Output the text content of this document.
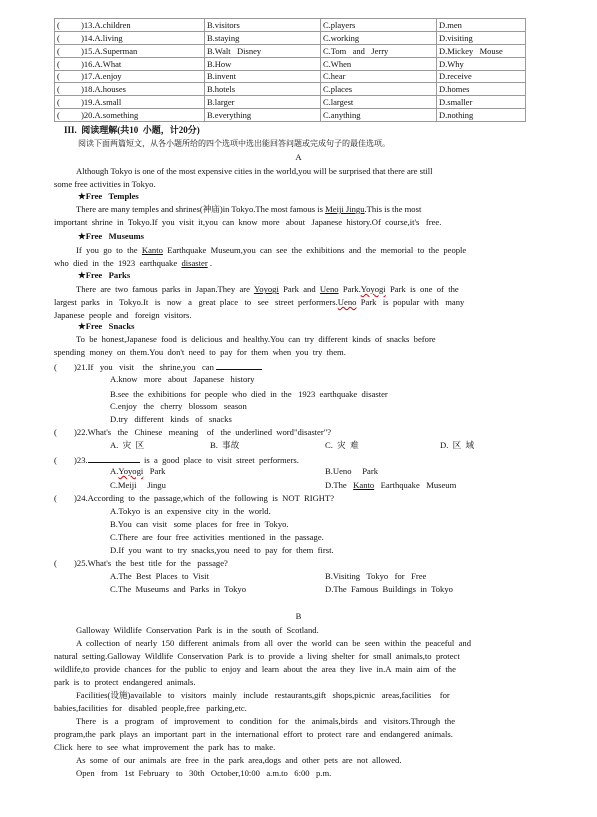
(          )13.A.children	B.visitors	C.players	D.men
(          )14.A.living	B.staying	C.working	D.visiting
(          )15.A.Superman	B.Walt   Disney	C.Tom   and   Jerry	D.Mickey   Mouse
(          )16.A.What	B.How	C.When	D.Why
(          )17.A.enjoy	B.invent	C.hear	D.receive
(          )18.A.houses	B.hotels	C.places	D.homes
(          )19.A.small	B.larger	C.largest	D.smaller
(          )20.A.something	B.everything	C.anything	D.nothing
III.  阅读理解(共10  小题，计20分)
阅读下面两篇短文，从各小题所给的四个选项中选出能回答问题或完成句子的最佳选项。
A
Although Tokyo is one of the most expensive cities in the world,you will be surprised that there are still
some free activities in Tokyo.
★Free   Temples
There are many temples and shrines(神庙)in Tokyo.The most famous is Meiji Jingu.This is the most
important  shrine  in  Tokyo.If  you  visit  it,you  can  know  more   about   Japanese  history.Of  course,it's   free.
★Free   Museums
If  you  go  to  the  Kanto  Earthquake  Museum,you  can  see  the  exhibitions  and  the  memorial  to  the  people
who  died  in  the  1923  earthquake  disaster .
★Free   Parks
There  are  two  famous  parks  in  Japan.They  are  Yoyogi  Park  and  Ueno  Park.Yoyogi  Park  is  one  of  the
largest  parks   in   Tokyo.It   is   now   a   great  place   to   see   street  performers.Ueno  Park   is  popular  with   many
Japanese  people  and   foreign  visitors.
★Free   Snacks
To  be  honest,Japanese  food  is  delicious  and  healthy.You  can  try  different  kinds  of  snacks  before
spending  money  on  them.You  don't  need  to  pay  for  them  when  you  try  them.
(        )21.If   you   visit    the   shrine,you   can
A.know   more   about   Japanese   history
B.see  the  exhibitions  for  people  who  died  in  the   1923  earthquake  disaster
C.enjoy   the   cherry   blossom   season
D.try   different   kinds   of   snacks
(        )22.What's   the   Chinese   meaning    of   the  underlined  word"disaster"?
A.  灾  区	B.  事故	C.  灾  难	D.  区  域
(        )23.	is  a  good  place  to  visit  street  performers.
A.Yoyogi   Park	B.Ueno     Park
C.Meiji     Jingu	D.The   Kanto   Earthquake   Museum
(        )24.According  to  the  passage,which  of  the  following  is  NOT  RIGHT?
A.Tokyo  is  an  expensive  city  in  the  world.
B.You  can  visit   some  places  for  free  in  Tokyo.
C.There  are  four  free  activities  mentioned  in  the  passage.
D.If  you  want  to  try  snacks,you  need  to  pay  for  them  first.
(        )25.What's  the  best  title  for  the   passage?
A.The  Best  Places  to  Visit	B.Visiting   Tokyo   for   Free
C.The  Museums  and  Parks  in  Tokyo	D.The  Famous  Buildings  in  Tokyo
B
Galloway  Wildlife  Conservation  Park  is  in  the  south  of  Scotland.
A  collection  of  nearly  150  different  animals  from  all  over  the  world  can  be  seen  within  the  peaceful  and
natural  setting.Galloway  Wildlife  Conservation  Park  is  to  provide  a  living  shelter  for  small  animals,to  protect
wildlife,to  provide  chances  for  the  public  to  enjoy  and  learn  about  the  area  they  live  in.A  main  aim  of  the
park  is  to  protect  endangered  animals.
Facilities(设施)available   to   visitors   mainly   include   restaurants,gift   shops,picnic   areas,facilities    for
babies,facilities  for   disabled  people,free   parking,etc.
There   is   a   program   of   improvement   to   condition   for   the   animals,birds   and   visitors.Through  the
program,the  park  plays  an  important  part  in  the  international  effort  to  protect  rare  and  endangered  animals.
Click  here  to  see  what  improvement  the  park  has  to  make.
As  some  of  our  animals  are  free  in  the  park  area,dogs  and  other  pets  are  not  allowed.
Open   from   1st  February   to   30th   October,10:00   a.m.to   6:00   p.m.
